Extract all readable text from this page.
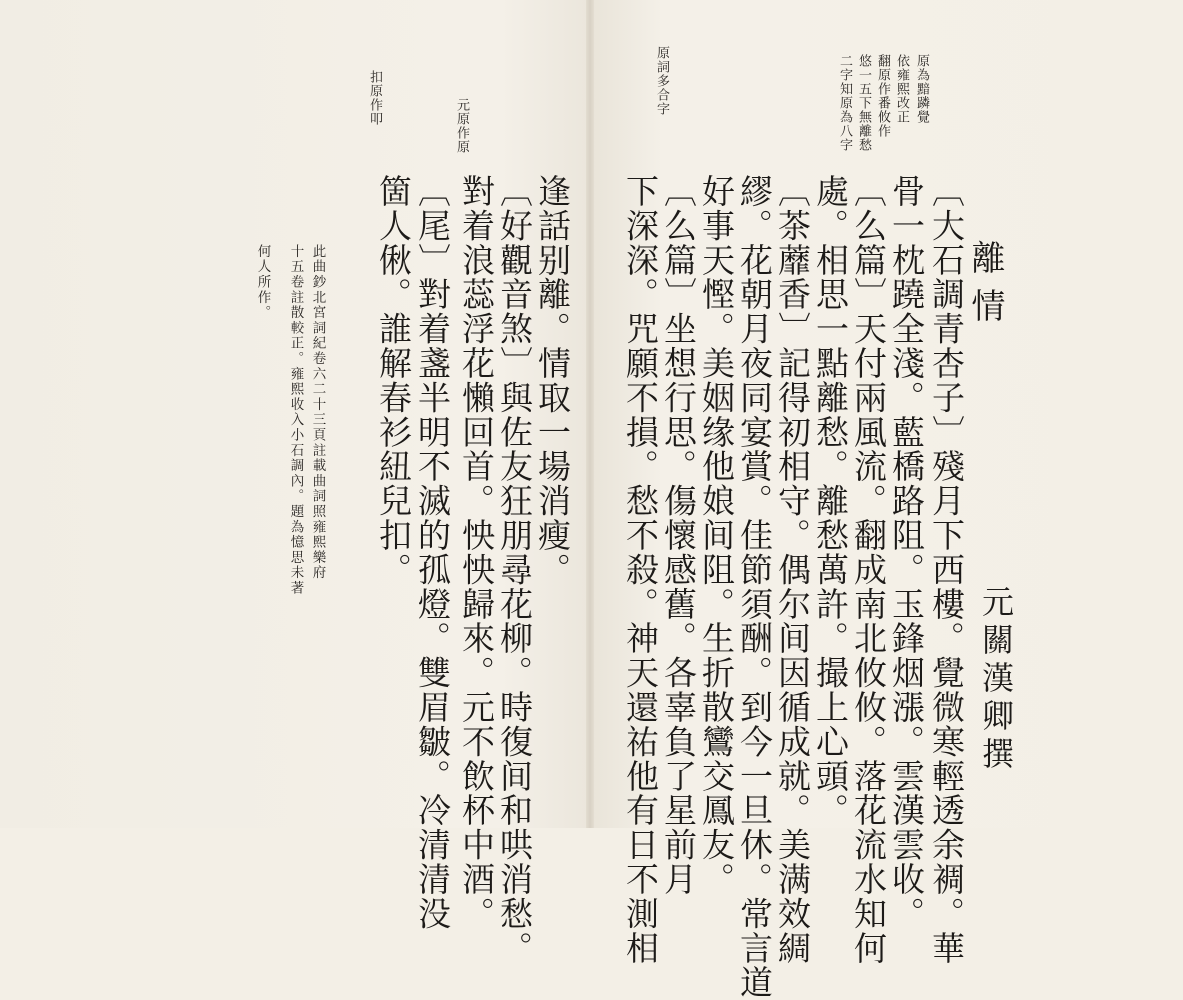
離情
元關漢卿撰
原為黯蹸覺
依雍熙改正
翻原作番攸作
悠一五下無離愁
二字知原為八字
原詞多合字
〔大石調青杏子〕殘月下西樓。覺微寒輕透余裯。華
骨一枕蹺全淺。藍橋路阻。玉鋒烟漲。雲漢雲收。
〔么篇〕天付兩風流。翻成南北攸攸。落花流水知何
處。相思一點離愁。離愁萬許。撮上心頭。
〔茶蘼香〕記得初相守。偶尔间因循成就。美满效綢
繆。花朝月夜同宴賞。佳節須酬。到今一旦休。常言道
好事天慳。美姻缘他娘间阻。生折散鸞交鳳友。
〔么篇〕坐想行思。傷懷感舊。各辜負了星前月
下深深。咒願不損。愁不殺。神天還祐他有日不測相
元原作原
扣原作叩
逢話别離。情取一場消瘦。
〔好觀音煞〕與佐友狂朋尋花柳。時復间和哄消愁。
對着浪蕊浮花懶回首。怏怏歸來。元不飲杯中酒。
〔尾〕對着盞半明不滅的孤燈。雙眉皺。冷清清没
箇人偢。誰解春衫紐兒扣。
此曲鈔北宮詞紀卷六二十三頁註載曲詞照雍熙樂府
十五卷註散較正。雍熙收入小石調內。題為憶思未著
何人所作。
